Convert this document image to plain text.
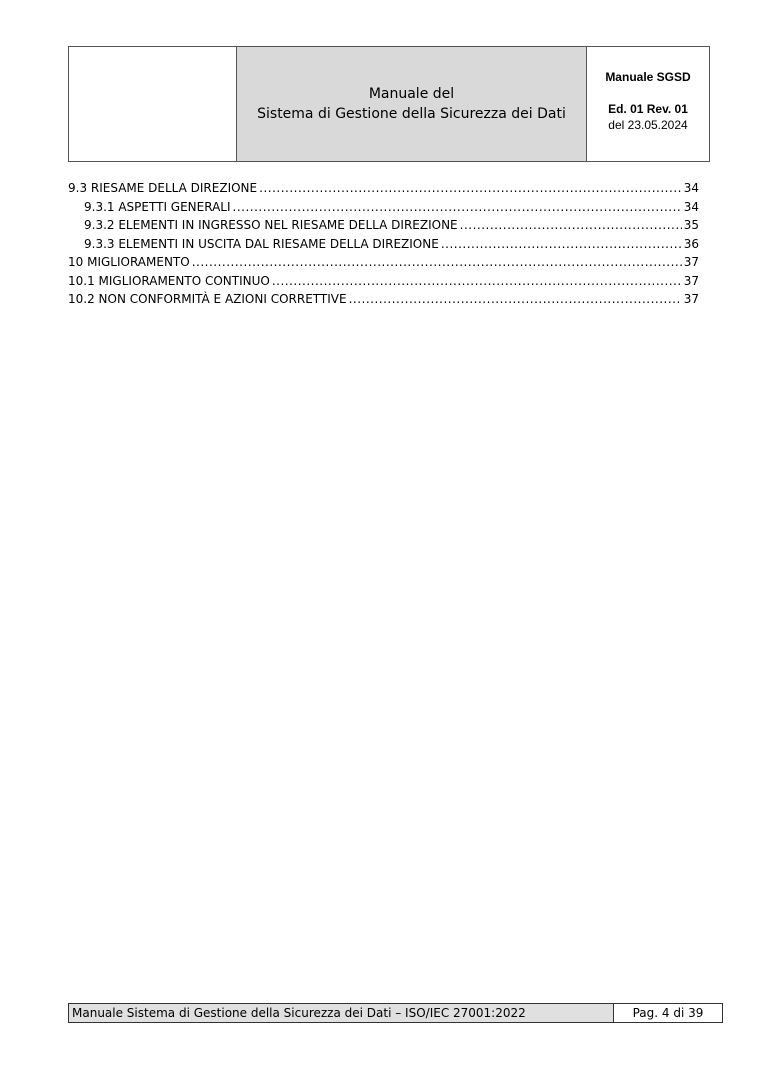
Manuale del
Sistema di Gestione della Sicurezza dei Dati
Manuale SGSD
Ed. 01 Rev. 01
del 23.05.2024
9.3 RIESAME DELLA DIREZIONE .....	34
9.3.1 ASPETTI GENERALI .....	34
9.3.2 ELEMENTI IN INGRESSO NEL RIESAME DELLA DIREZIONE .....	35
9.3.3 ELEMENTI IN USCITA DAL RIESAME DELLA DIREZIONE .....	36
10 MIGLIORAMENTO .....	37
10.1 MIGLIORAMENTO CONTINUO .....	37
10.2 NON CONFORMITÀ E AZIONI CORRETTIVE .....	37
Manuale Sistema di Gestione della Sicurezza dei Dati – ISO/IEC 27001:2022	Pag. 4 di 39
